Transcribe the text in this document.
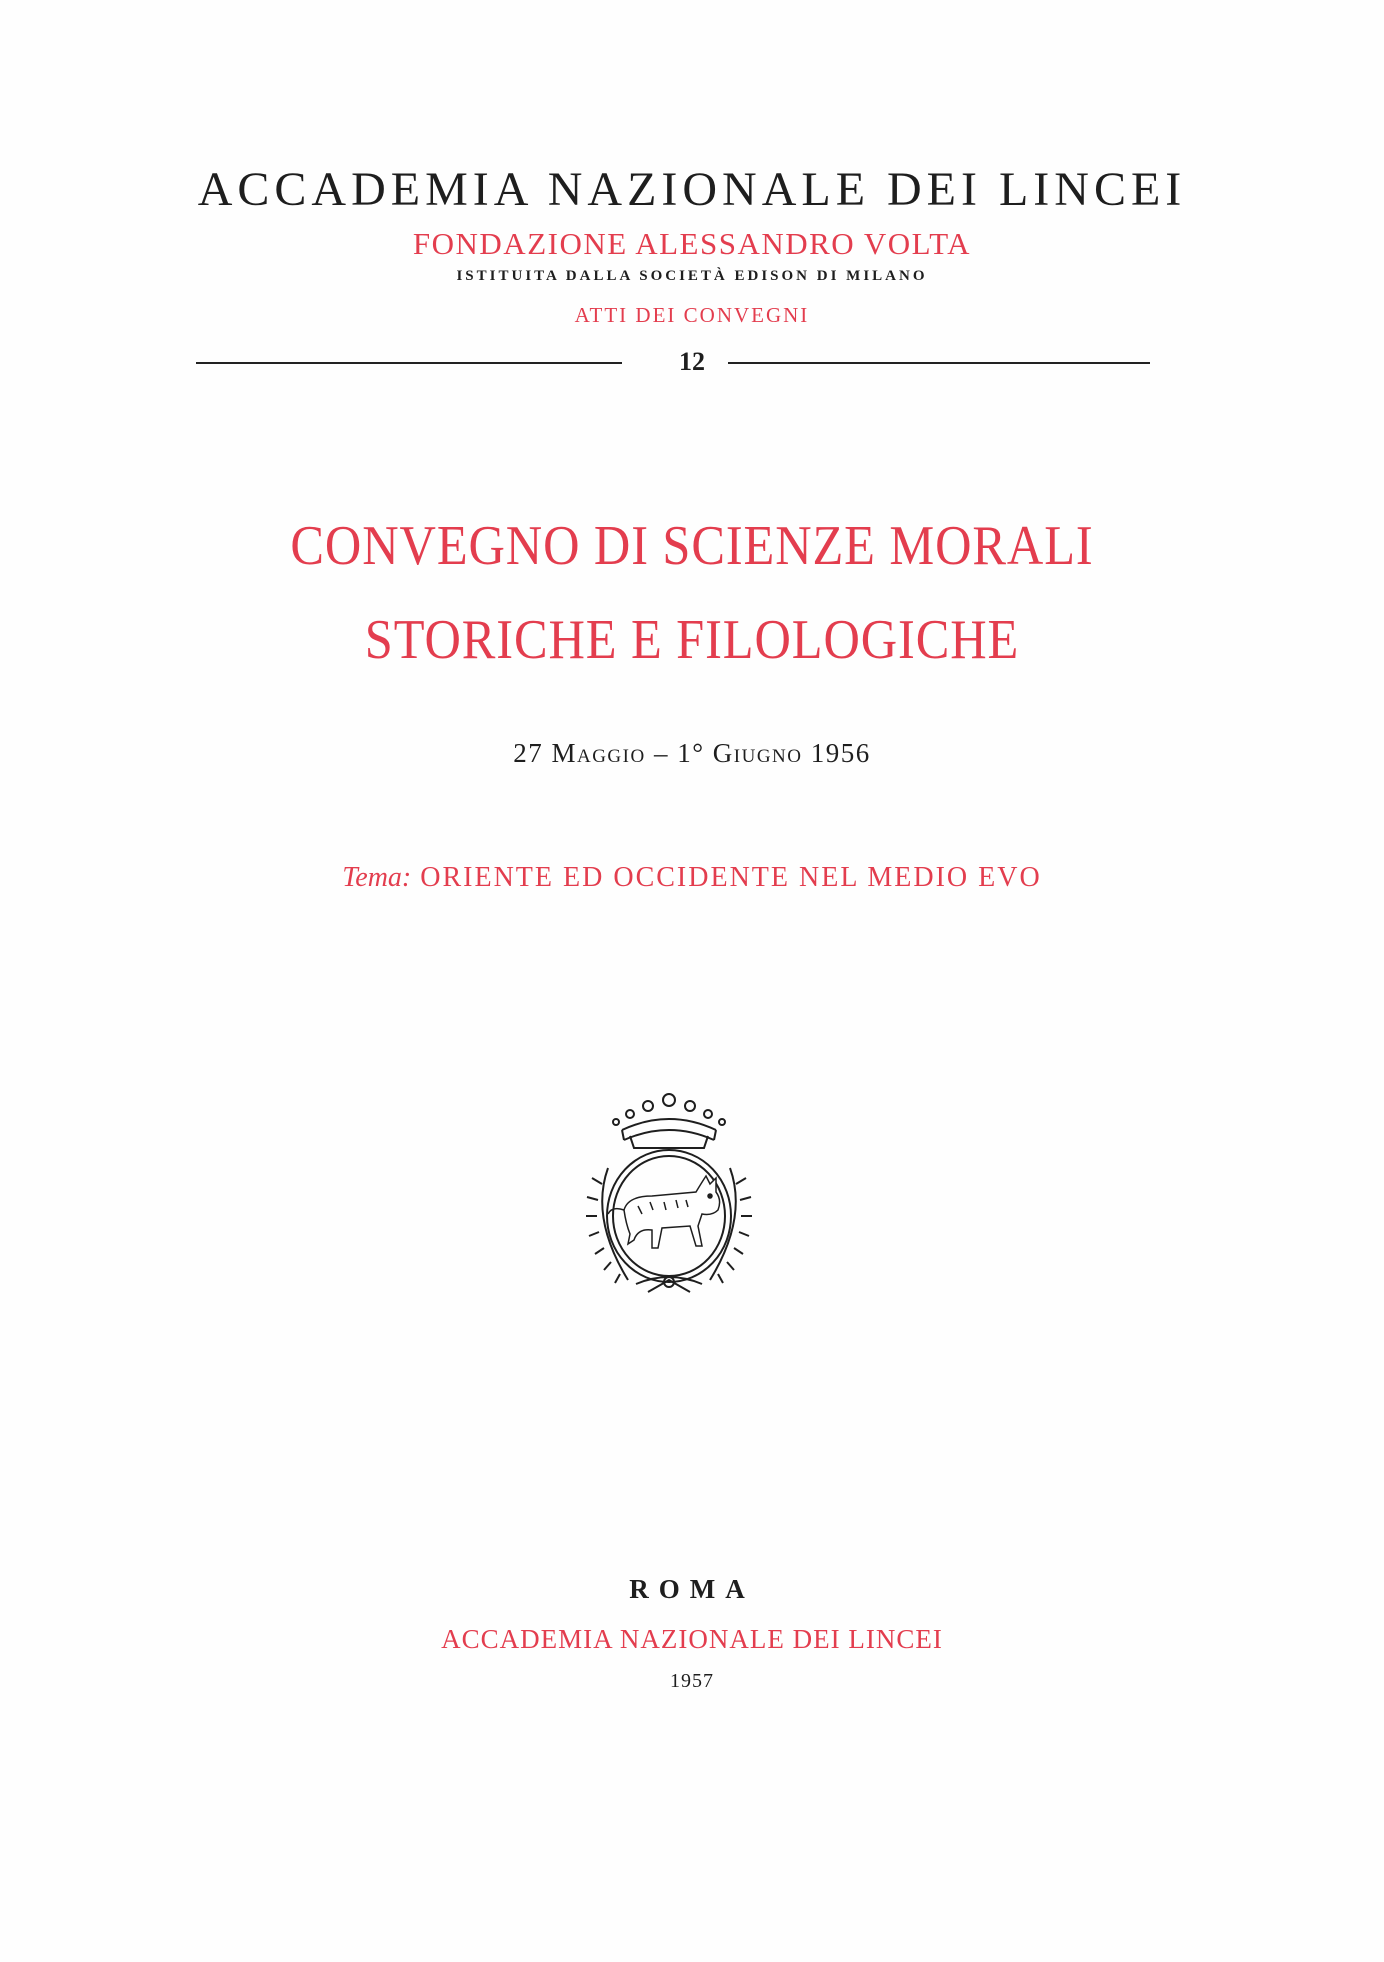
ACCADEMIA NAZIONALE DEI LINCEI
FONDAZIONE ALESSANDRO VOLTA
ISTITUITA DALLA SOCIETÀ EDISON DI MILANO
ATTI DEI CONVEGNI
12
CONVEGNO DI SCIENZE MORALI
STORICHE E FILOLOGICHE
27 Maggio – 1° Giugno 1956
Tema: ORIENTE ED OCCIDENTE NEL MEDIO EVO
ROMA
ACCADEMIA NAZIONALE DEI LINCEI
1957
